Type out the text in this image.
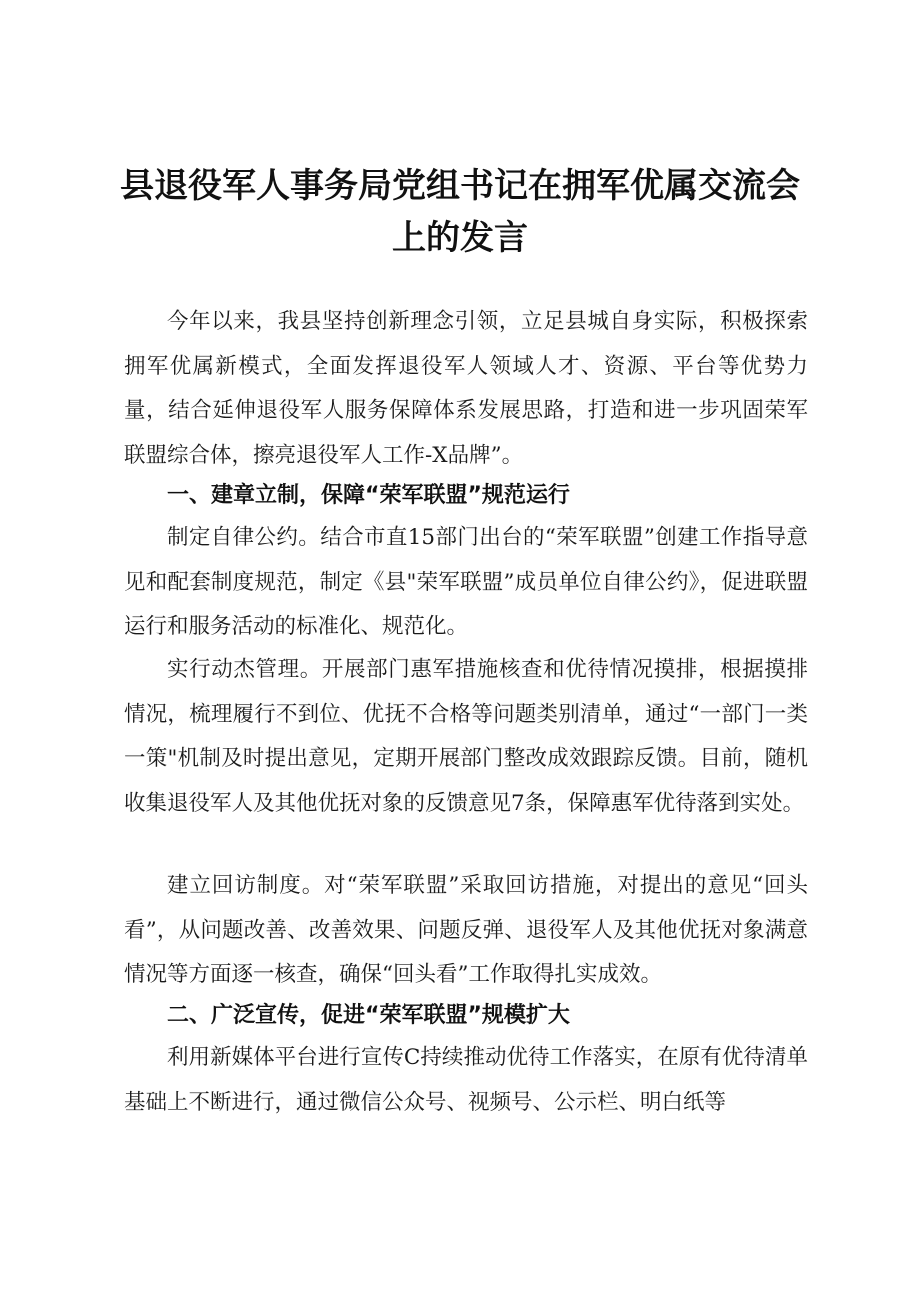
县退役军人事务局党组书记在拥军优属交流会
上的发言

今年以来，我县坚持创新理念引领，立足县城自身实际，积极探索拥军优属新模式，全面发挥退役军人领域人才、资源、平台等优势力量，结合延伸退役军人服务保障体系发展思路，打造和进一步巩固荣军联盟综合体，擦亮退役军人工作-X品牌”。

一、建章立制，保障“荣军联盟”规范运行

制定自律公约。结合市直15部门出台的“荣军联盟”创建工作指导意见和配套制度规范，制定《县"荣军联盟”成员单位自律公约》，促进联盟运行和服务活动的标准化、规范化。

实行动杰管理。开展部门惠军措施核查和优待情况摸排，根据摸排情况，梳理履行不到位、优抚不合格等问题类别清单，通过“一部门一类一策"机制及时提出意见，定期开展部门整改成效跟踪反馈。目前，随机收集退役军人及其他优抚对象的反馈意见7条，保障惠军优待落到实处。

建立回访制度。对“荣军联盟”采取回访措施，对提出的意见“回头看”，从问题改善、改善效果、问题反弹、退役军人及其他优抚对象满意情况等方面逐一核查，确保“回头看”工作取得扎实成效。

二、广泛宣传，促进“荣军联盟”规模扩大

利用新媒体平台进行宣传C持续推动优待工作落实，在原有优待清单基础上不断进行，通过微信公众号、视频号、公示栏、明白纸等
